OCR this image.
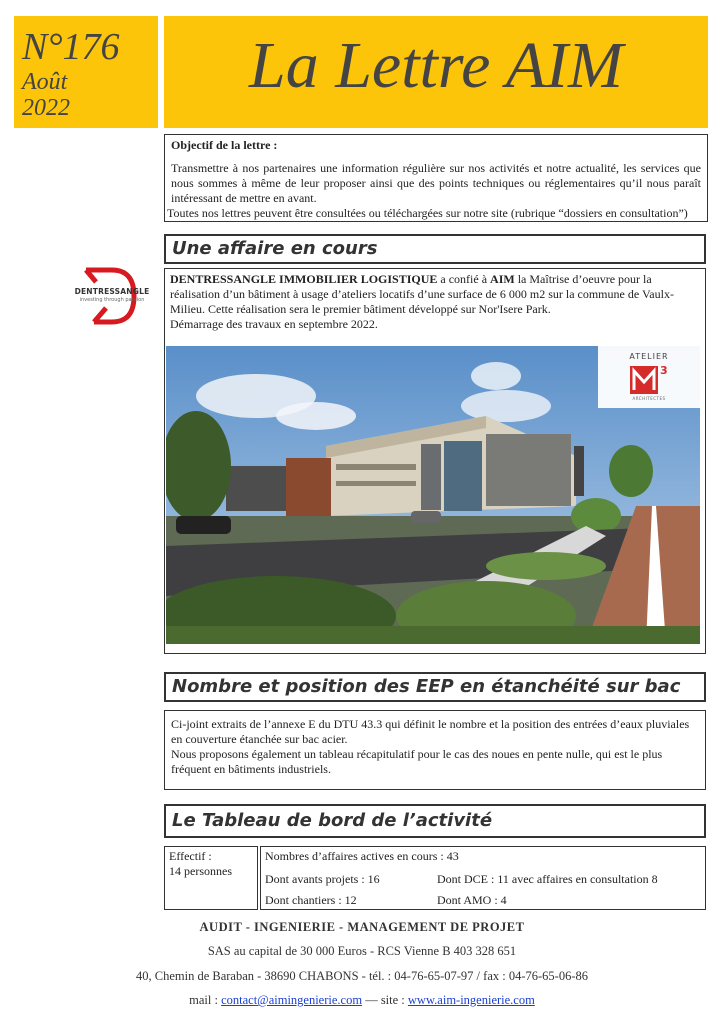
N°176
Août
2022
La Lettre AIM
Objectif de la lettre :
Transmettre à nos partenaires une information régulière sur nos activités et notre actualité, les services que nous sommes à même de leur proposer ainsi que des points techniques ou réglementaires qu’il nous paraît intéressant de mettre en avant.
Toutes nos lettres peuvent être consultées ou téléchargées sur notre site (rubrique “dossiers en consultation”)
Une affaire en cours
DENTRESSANGLE
investing through passion
DENTRESSANGLE IMMOBILIER LOGISTIQUE a confié à AIM la Maîtrise d’oeuvre pour la réalisation d’un bâtiment à usage d’ateliers locatifs d’une surface de 6 000 m2 sur la commune de Vaulx-Milieu. Cette réalisation sera le premier bâtiment développé sur Nor'Isere Park.
Démarrage des travaux en septembre 2022.
ATELIER
3
ARCHITECTES
Nombre et position des EEP en étanchéité sur bac
Ci-joint extraits de l’annexe E du DTU 43.3 qui définit le nombre et la position des entrées d’eaux pluviales en couverture étanchée sur bac acier.
Nous proposons également un tableau récapitulatif pour le cas des noues en pente nulle, qui est le plus fréquent en bâtiments industriels.
Le Tableau de bord de l’activité
Effectif :
14 personnes
Nombres d’affaires actives en cours : 43
Dont avants projets : 16	Dont DCE : 11 avec affaires en consultation 8
Dont chantiers : 12	Dont AMO : 4
AUDIT - INGENIERIE - MANAGEMENT DE PROJET
SAS au capital de 30 000 Euros - RCS Vienne B 403 328 651
40, Chemin de Baraban - 38690 CHABONS - tél. : 04-76-65-07-97 / fax : 04-76-65-06-86
mail : contact@aimingenierie.com — site : www.aim-ingenierie.com
